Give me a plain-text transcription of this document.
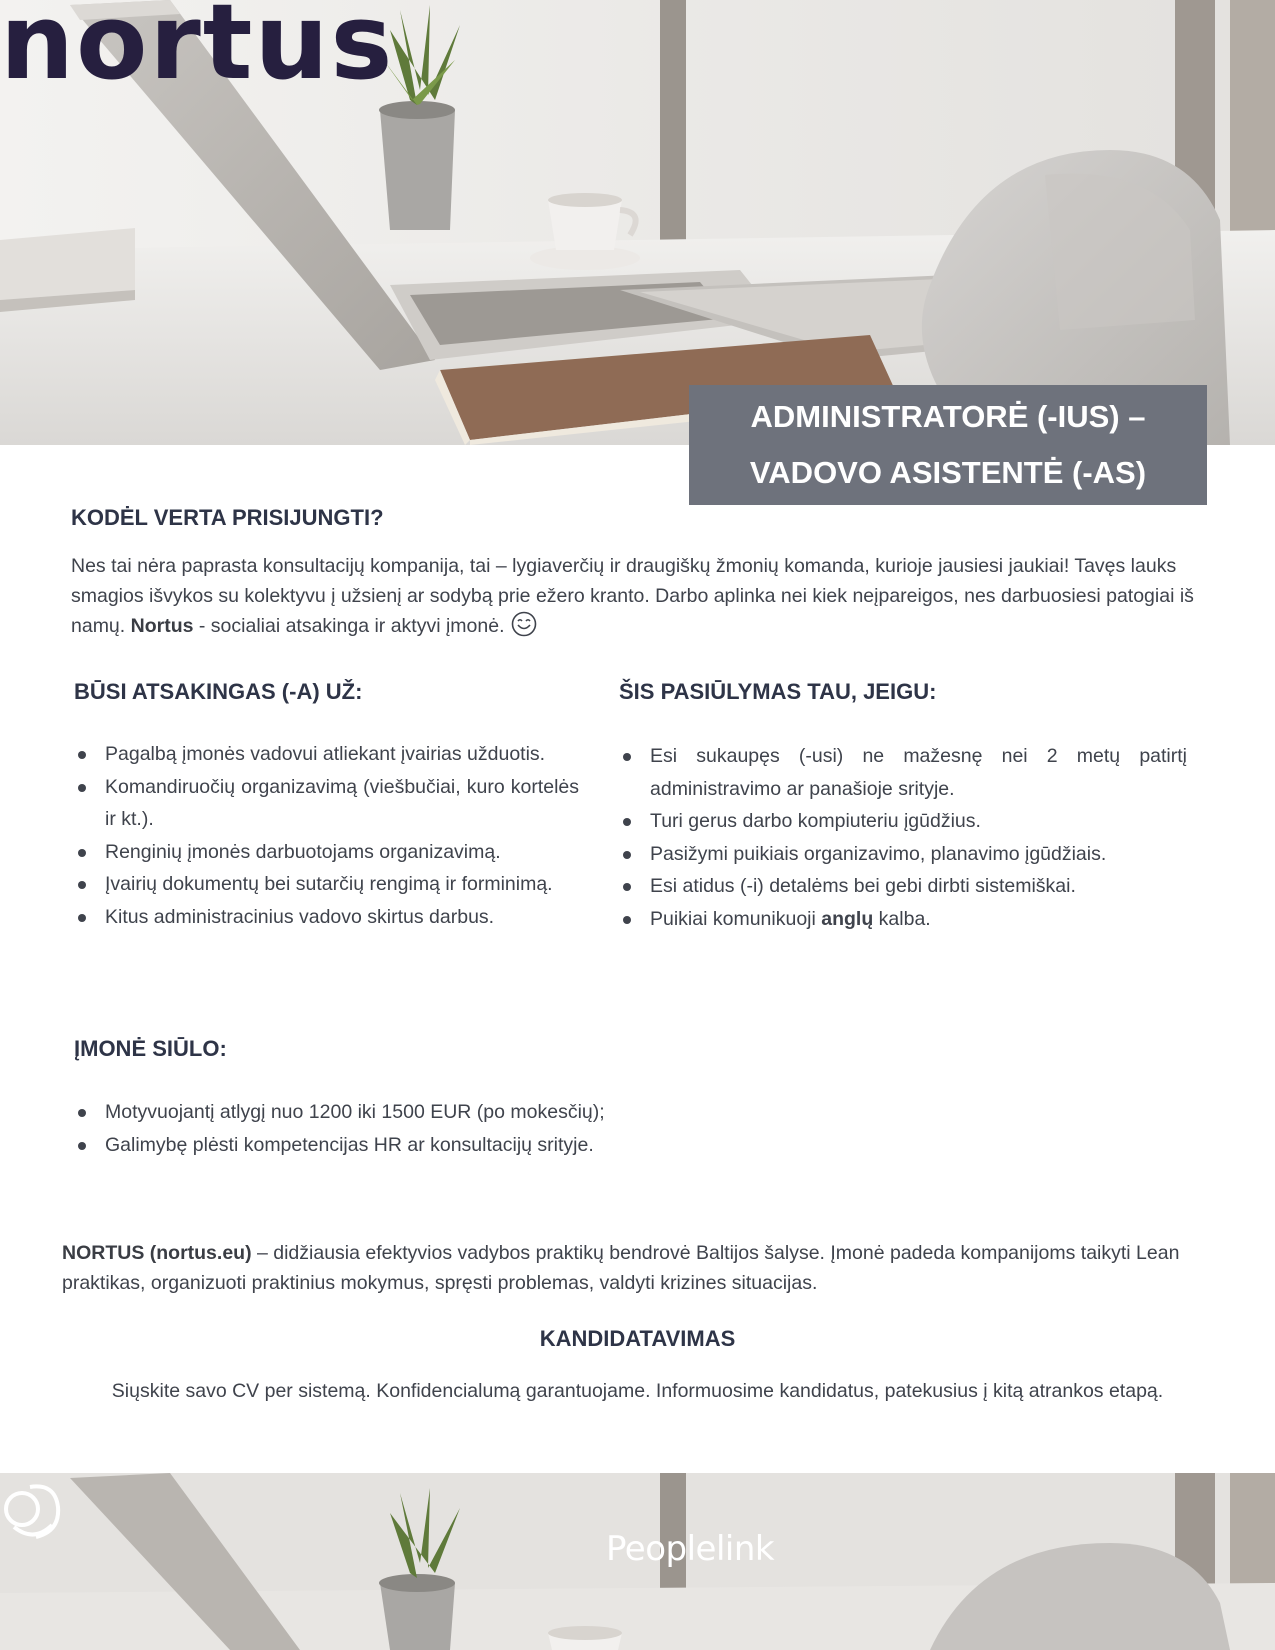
nortus
ADMINISTRATORĖ (-IUS) –
VADOVO ASISTENTĖ (-AS)
KODĖL VERTA PRISIJUNGTI?

Nes tai nėra paprasta konsultacijų kompanija, tai – lygiaverčių ir draugiškų žmonių komanda, kurioje jausiesi jaukiai! Tavęs lauks smagios išvykos su kolektyvu į užsienį ar sodybą prie ežero kranto. Darbo aplinka nei kiek neįpareigos, nes darbuosiesi patogiai iš namų. Nortus - socialiai atsakinga ir aktyvi įmonė.

BŪSI ATSAKINGAS (-A) UŽ:
Pagalbą įmonės vadovui atliekant įvairias užduotis.
Komandiruočių organizavimą (viešbučiai, kuro kortelės ir kt.).
Renginių įmonės darbuotojams organizavimą.
Įvairių dokumentų bei sutarčių rengimą ir forminimą.
Kitus administracinius vadovo skirtus darbus.
ŠIS PASIŪLYMAS TAU, JEIGU:
Esi sukaupęs (-usi) ne mažesnę nei 2 metų patirtį administravimo ar panašioje srityje.
Turi gerus darbo kompiuteriu įgūdžius.
Pasižymi puikiais organizavimo, planavimo įgūdžiais.
Esi atidus (-i) detalėms bei gebi dirbti sistemiškai.
Puikiai komunikuoji anglų kalba.
ĮMONĖ SIŪLO:
Motyvuojantį atlygį nuo 1200 iki 1500 EUR (po mokesčių);
Galimybę plėsti kompetencijas HR ar konsultacijų srityje.

NORTUS (nortus.eu) – didžiausia efektyvios vadybos praktikų bendrovė Baltijos šalyse. Įmonė padeda kompanijoms taikyti Lean praktikas, organizuoti praktinius mokymus, spręsti problemas, valdyti krizines situacijas.

KANDIDATAVIMAS

Siųskite savo CV per sistemą. Konfidencialumą garantuojame. Informuosime kandidatus, patekusius į kitą atrankos etapą.

Peoplelink
